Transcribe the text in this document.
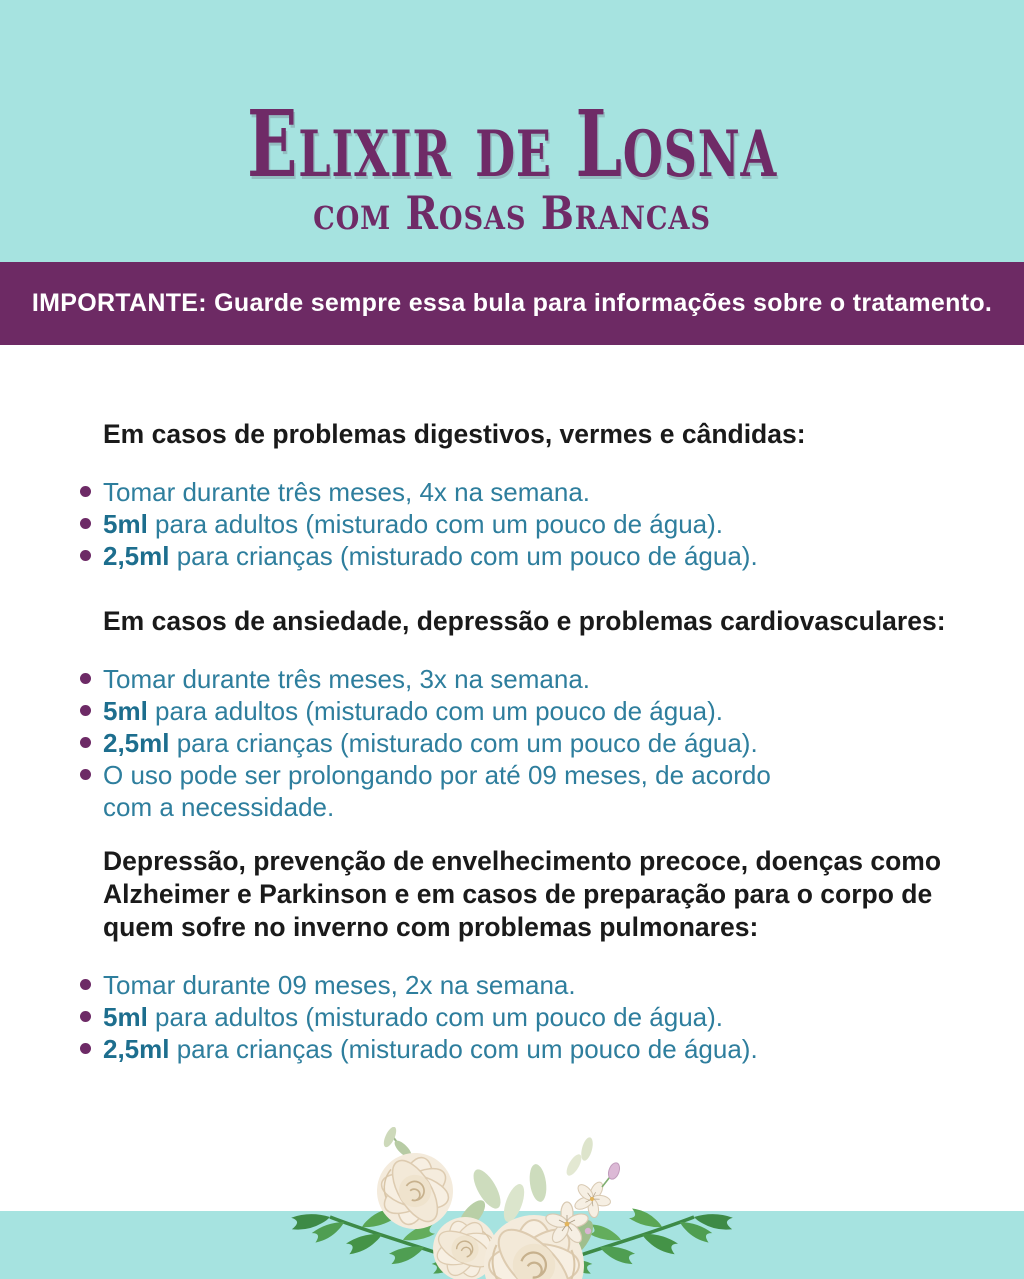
Elixir de Losna
com Rosas Brancas
IMPORTANTE: Guarde sempre essa bula para informações sobre o tratamento.
Em casos de problemas digestivos, vermes e cândidas:
Tomar durante três meses, 4x na semana.
5ml para adultos (misturado com um pouco de água).
2,5ml para crianças (misturado com um pouco de água).
Em casos de ansiedade, depressão e problemas cardiovasculares:
Tomar durante três meses, 3x na semana.
5ml para adultos (misturado com um pouco de água).
2,5ml para crianças (misturado com um pouco de água).
O uso pode ser prolongando por até 09 meses, de acordo com a necessidade.
Depressão, prevenção de envelhecimento precoce, doenças como Alzheimer e Parkinson e em casos de preparação para o corpo de quem sofre no inverno com problemas pulmonares:
Tomar durante 09 meses, 2x na semana.
5ml para adultos (misturado com um pouco de água).
2,5ml para crianças (misturado com um pouco de água).
